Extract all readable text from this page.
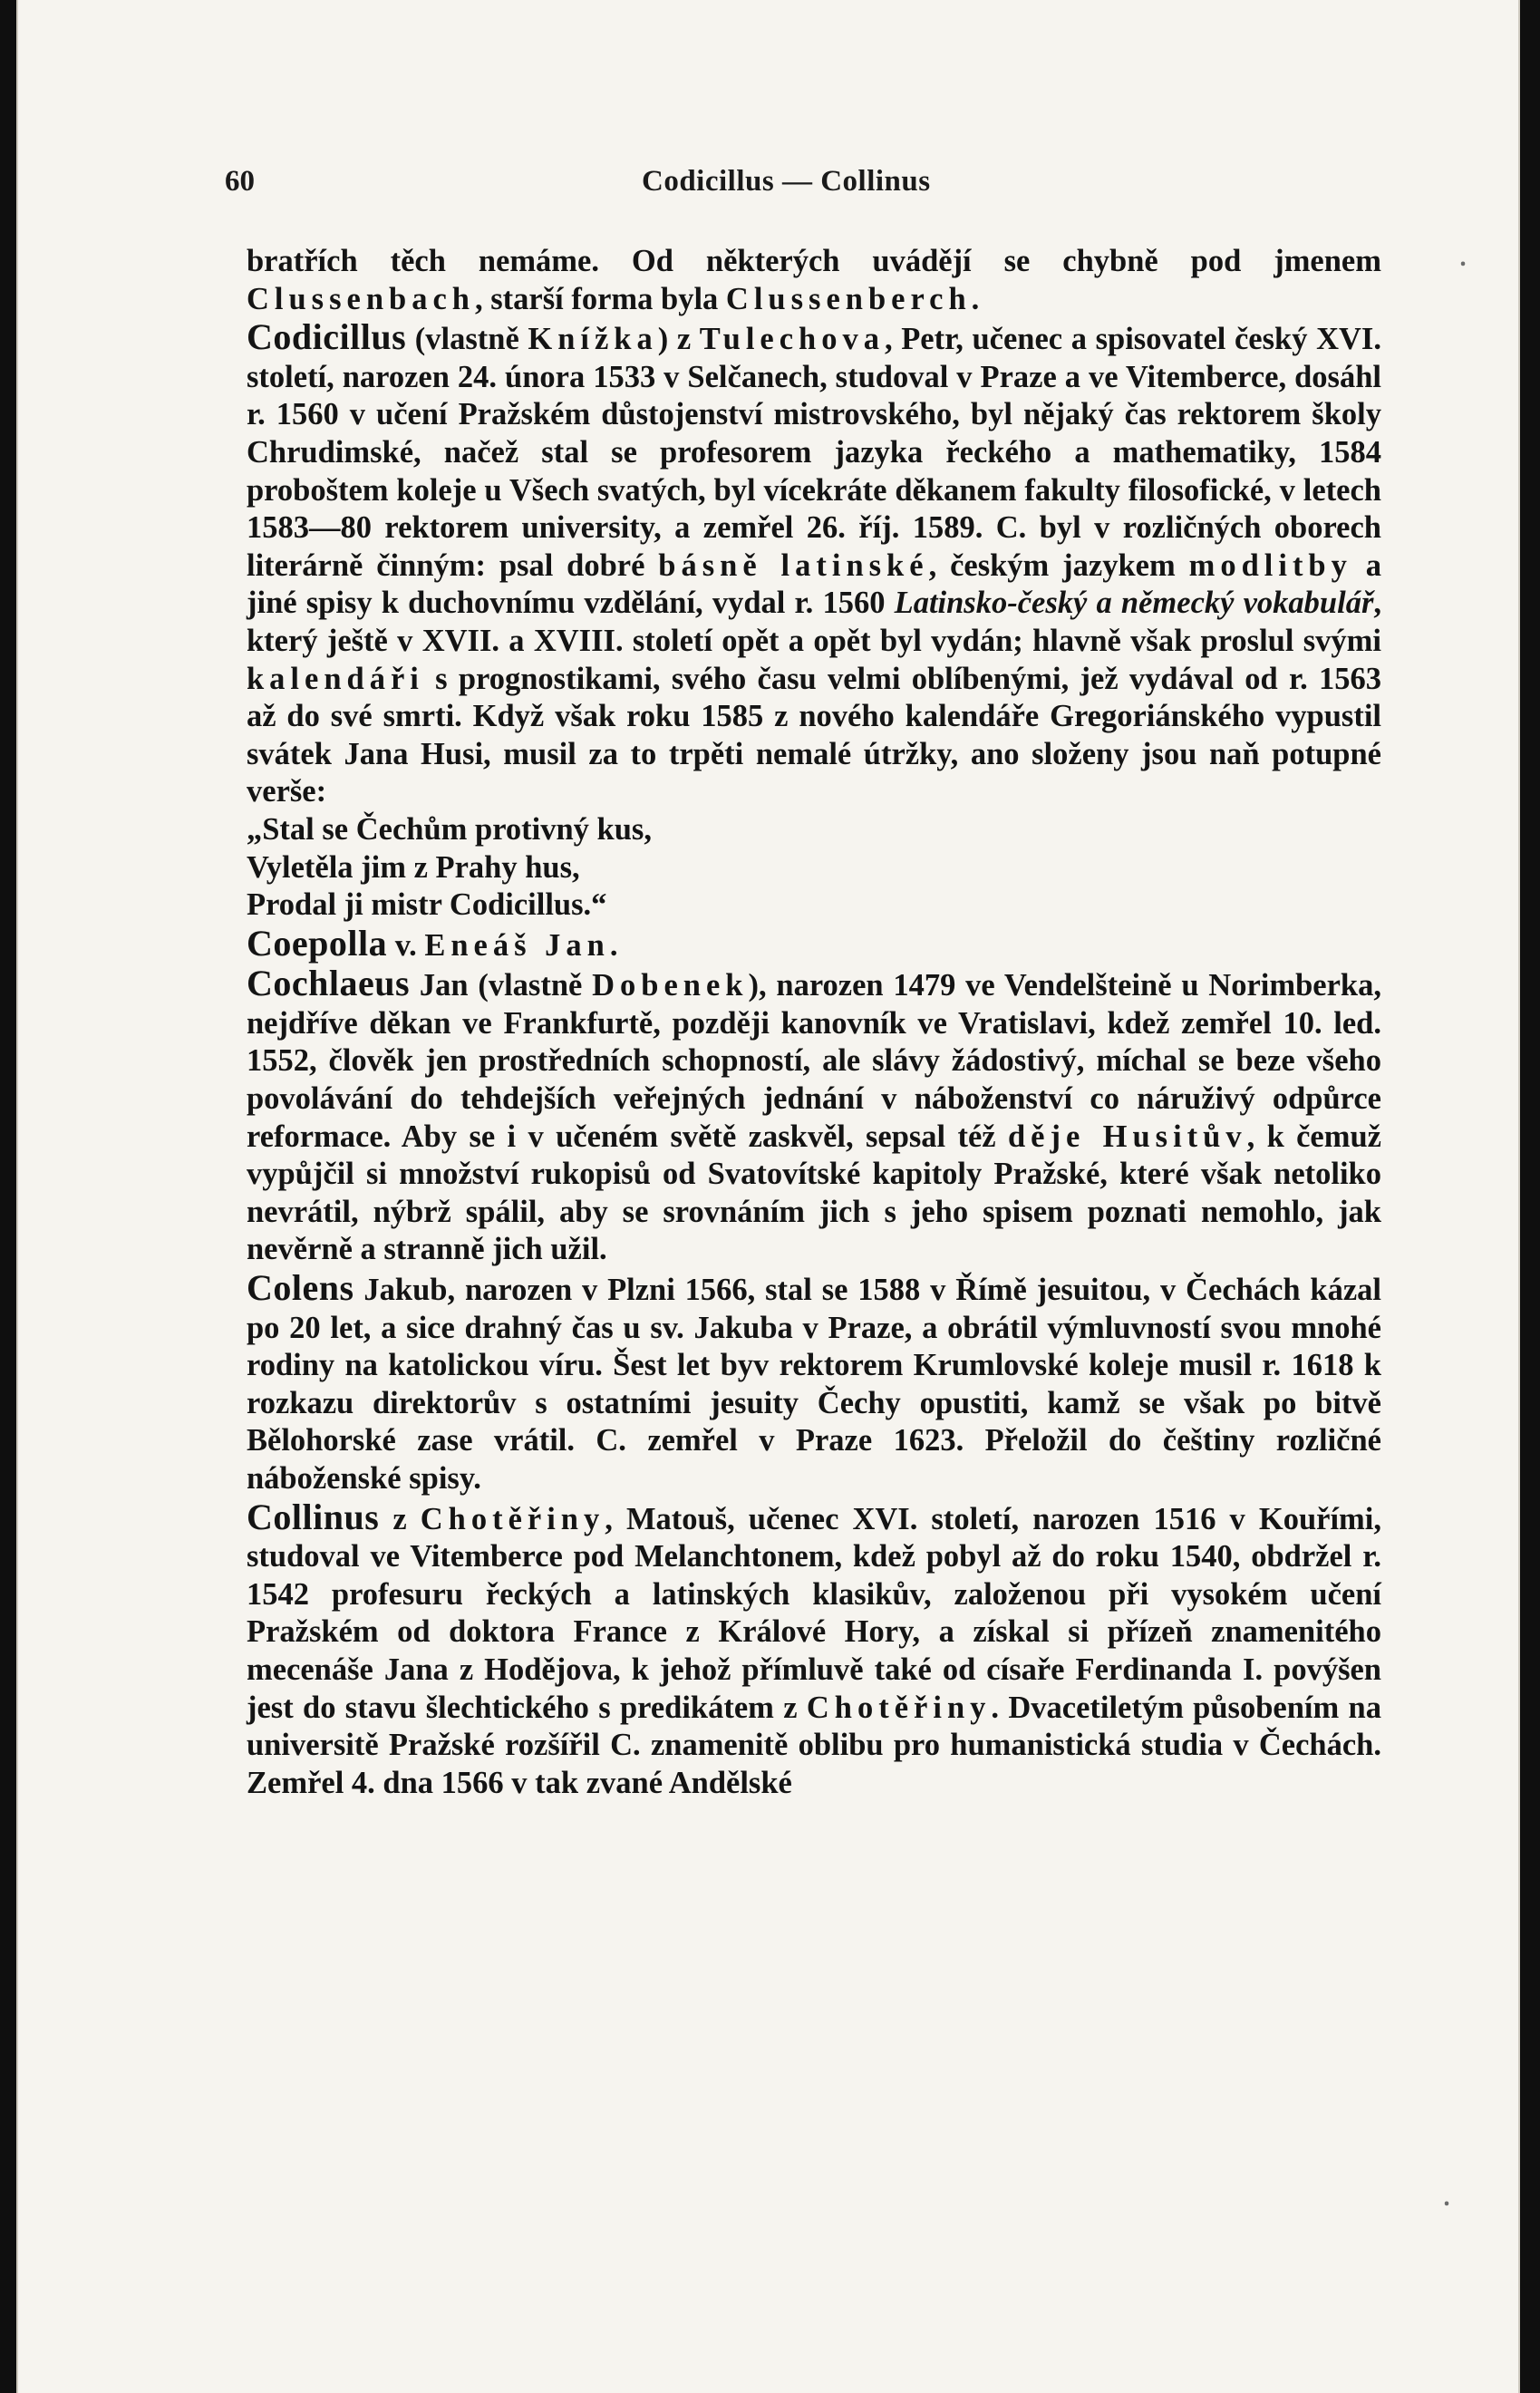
60	Codicillus — Collinus
ꞏ
ꞏ

bratřích těch nemáme. Od některých uvádějí se chybně pod jmenem Clussenbach, starší forma byla Clussenberch.

Codicillus (vlastně Knížka) z Tulechova, Petr, učenec a spisovatel český XVI. století, narozen 24. února 1533 v Selčanech, studoval v Praze a ve Vitemberce, dosáhl r. 1560 v učení Pražském důstojenství mistrovského, byl nějaký čas rektorem školy Chrudimské, načež stal se profesorem jazyka řeckého a mathematiky, 1584 proboštem koleje u Všech svatých, byl vícekráte děkanem fakulty filosofické, v letech 1583—80 rektorem university, a zemřel 26. říj. 1589. C. byl v rozličných oborech literárně činným: psal dobré básně latinské, českým jazykem modlitby a jiné spisy k duchovnímu vzdělání, vydal r. 1560 Latinsko-český a německý vokabulář, který ještě v XVII. a XVIII. století opět a opět byl vydán; hlavně však proslul svými kalendáři s prognostikami, svého času velmi oblíbenými, jež vydával od r. 1563 až do své smrti. Když však roku 1585 z nového kalendáře Gregoriánského vypustil svátek Jana Husi, musil za to trpěti nemalé útržky, ano složeny jsou naň potupné verše:

„Stal se Čechům protivný kus,

Vyletěla jim z Prahy hus,

Prodal ji mistr Codicillus.“

Coepolla v. Eneáš Jan.

Cochlaeus Jan (vlastně Dobenek), narozen 1479 ve Vendelšteině u Norimberka, nejdříve děkan ve Frankfurtě, později kanovník ve Vratislavi, kdež zemřel 10. led. 1552, člověk jen prostředních schopností, ale slávy žádostivý, míchal se beze všeho povolávání do tehdejších veřejných jednání v náboženství co náruživý odpůrce reformace. Aby se i v učeném světě zaskvěl, sepsal též děje Husitův, k čemuž vypůjčil si množství rukopisů od Svatovítské kapitoly Pražské, které však netoliko nevrátil, nýbrž spálil, aby se srovnáním jich s jeho spisem poznati nemohlo, jak nevěrně a stranně jich užil.

Colens Jakub, narozen v Plzni 1566, stal se 1588 v Římě jesuitou, v Čechách kázal po 20 let, a sice drahný čas u sv. Jakuba v Praze, a obrátil výmluvností svou mnohé rodiny na katolickou víru. Šest let byv rektorem Krumlovské koleje musil r. 1618 k rozkazu direktorův s ostatními jesuity Čechy opustiti, kamž se však po bitvě Bělohorské zase vrátil. C. zemřel v Praze 1623. Přeložil do češtiny rozličné náboženské spisy.

Collinus z Chotěřiny, Matouš, učenec XVI. století, narozen 1516 v Kouřími, studoval ve Vitemberce pod Melanchtonem, kdež pobyl až do roku 1540, obdržel r. 1542 profesuru řeckých a latinských klasikův, založenou při vysokém učení Pražském od doktora France z Králové Hory, a získal si přízeň znamenitého mecenáše Jana z Hodějova, k jehož přímluvě také od císaře Ferdinanda I. povýšen jest do stavu šlechtického s predikátem z Chotěřiny. Dvacetiletým působením na universitě Pražské rozšířil C. znamenitě oblibu pro humanistická studia v Čechách. Zemřel 4. dna 1566 v tak zvané Andělské
